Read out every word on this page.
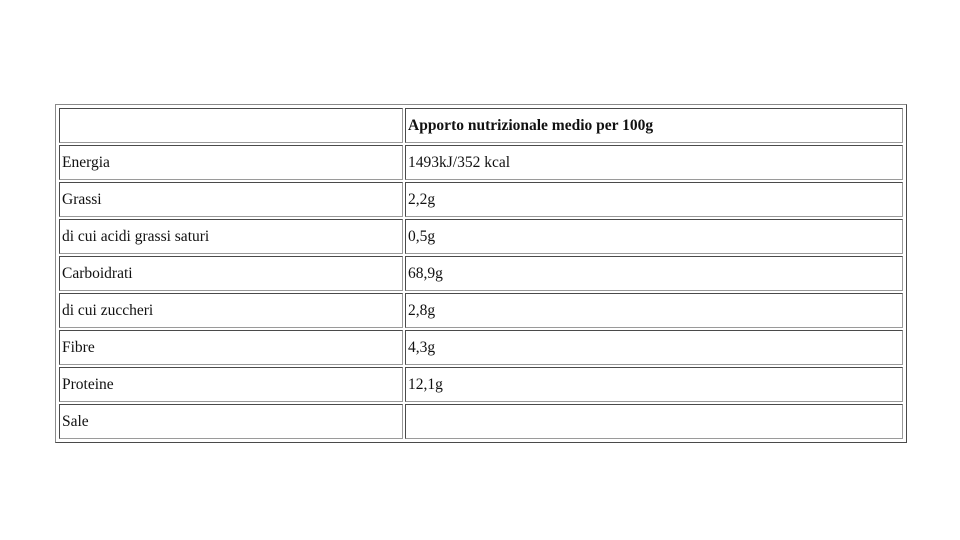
	Apporto nutrizionale medio per 100g
Energia	1493kJ/352 kcal
Grassi	2,2g
di cui acidi grassi saturi	0,5g
Carboidrati	68,9g
di cui zuccheri	2,8g
Fibre	4,3g
Proteine	12,1g
Sale	
